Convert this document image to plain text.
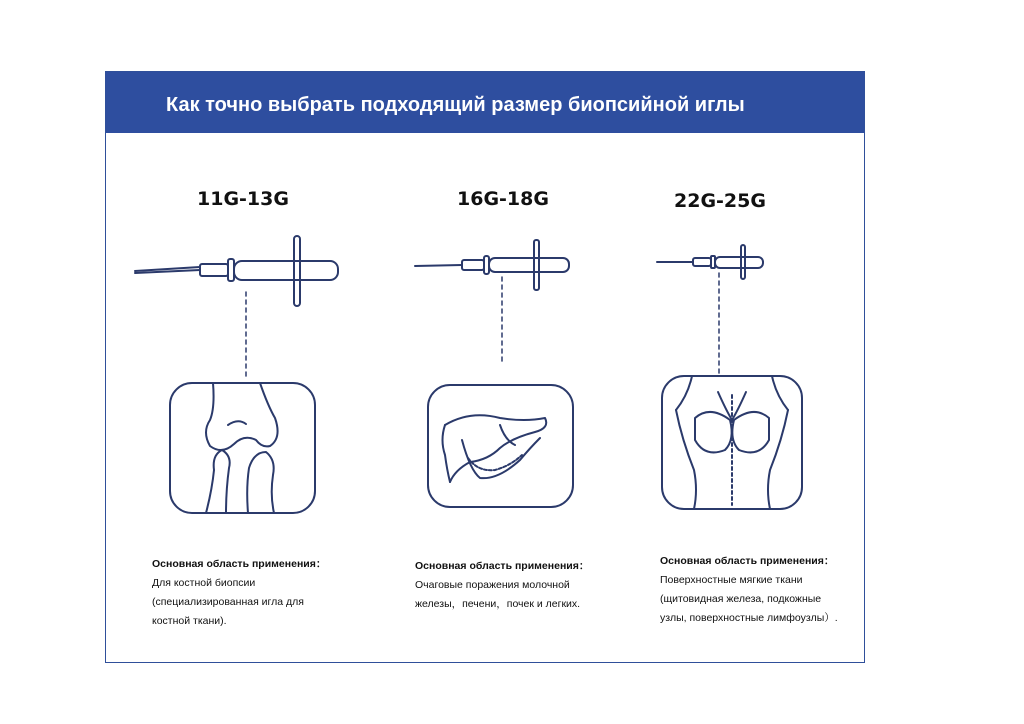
Как точно выбрать подходящий размер биопсийной иглы
11G-13G	16G-18G	22G-25G
Основная область применения：
Для костной биопсии
(специализированная игла для
костной ткани).
Основная область применения：
Очаговые поражения молочной
железы，печени，почек и легких.
Основная область применения：
Поверхностные мягкие ткани
(щитовидная железа, подкожные
узлы, поверхностные лимфоузлы）.
